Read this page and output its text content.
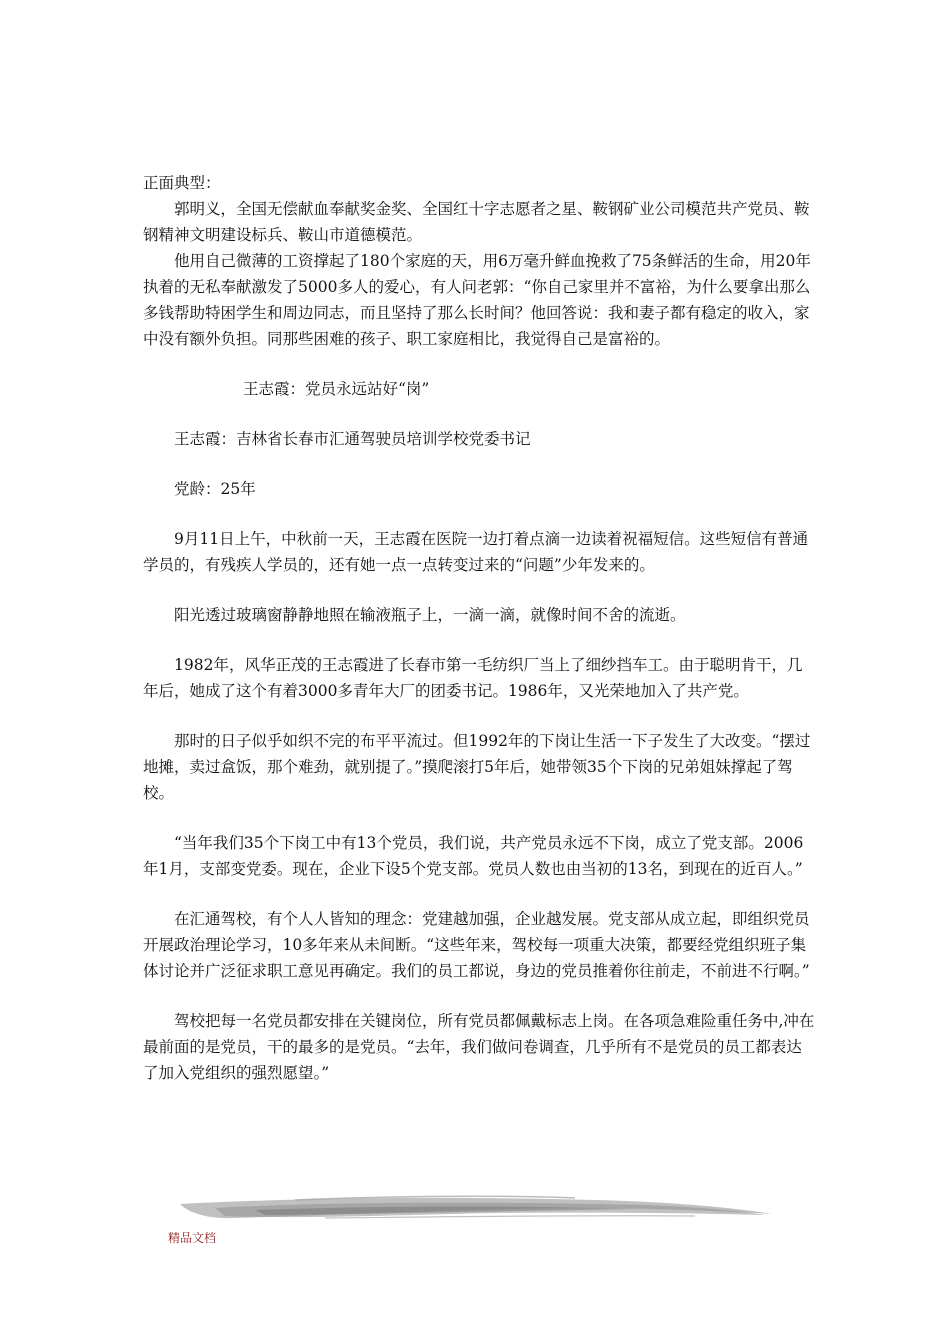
正面典型：

郭明义，全国无偿献血奉献奖金奖、全国红十字志愿者之星、鞍钢矿业公司模范共产党员、鞍钢精神文明建设标兵、鞍山市道德模范。

他用自己微薄的工资撑起了180个家庭的天，用6万毫升鲜血挽救了75条鲜活的生命，用20年执着的无私奉献激发了5000多人的爱心，有人问老郭：“你自己家里并不富裕，为什么要拿出那么多钱帮助特困学生和周边同志，而且坚持了那么长时间？他回答说：我和妻子都有稳定的收入，家中没有额外负担。同那些困难的孩子、职工家庭相比，我觉得自己是富裕的。

王志霞：党员永远站好“岗”

王志霞：吉林省长春市汇通驾驶员培训学校党委书记

党龄：25年

9月11日上午，中秋前一天，王志霞在医院一边打着点滴一边读着祝福短信。这些短信有普通学员的，有残疾人学员的，还有她一点一点转变过来的“问题”少年发来的。

阳光透过玻璃窗静静地照在输液瓶子上，一滴一滴，就像时间不舍的流逝。

1982年，风华正茂的王志霞进了长春市第一毛纺织厂当上了细纱挡车工。由于聪明肯干，几年后，她成了这个有着3000多青年大厂的团委书记。1986年，又光荣地加入了共产党。

那时的日子似乎如织不完的布平平流过。但1992年的下岗让生活一下子发生了大改变。“摆过地摊，卖过盒饭，那个难劲，就别提了。”摸爬滚打5年后，她带领35个下岗的兄弟姐妹撑起了驾校。

“当年我们35个下岗工中有13个党员，我们说，共产党员永远不下岗，成立了党支部。2006年1月，支部变党委。现在，企业下设5个党支部。党员人数也由当初的13名，到现在的近百人。”

在汇通驾校，有个人人皆知的理念：党建越加强，企业越发展。党支部从成立起，即组织党员开展政治理论学习，10多年来从未间断。“这些年来，驾校每一项重大决策，都要经党组织班子集体讨论并广泛征求职工意见再确定。我们的员工都说，身边的党员推着你往前走，不前进不行啊。”

驾校把每一名党员都安排在关键岗位，所有党员都佩戴标志上岗。在各项急难险重任务中,冲在最前面的是党员，干的最多的是党员。“去年，我们做问卷调查，几乎所有不是党员的员工都表达了加入党组织的强烈愿望。”

精品文档
